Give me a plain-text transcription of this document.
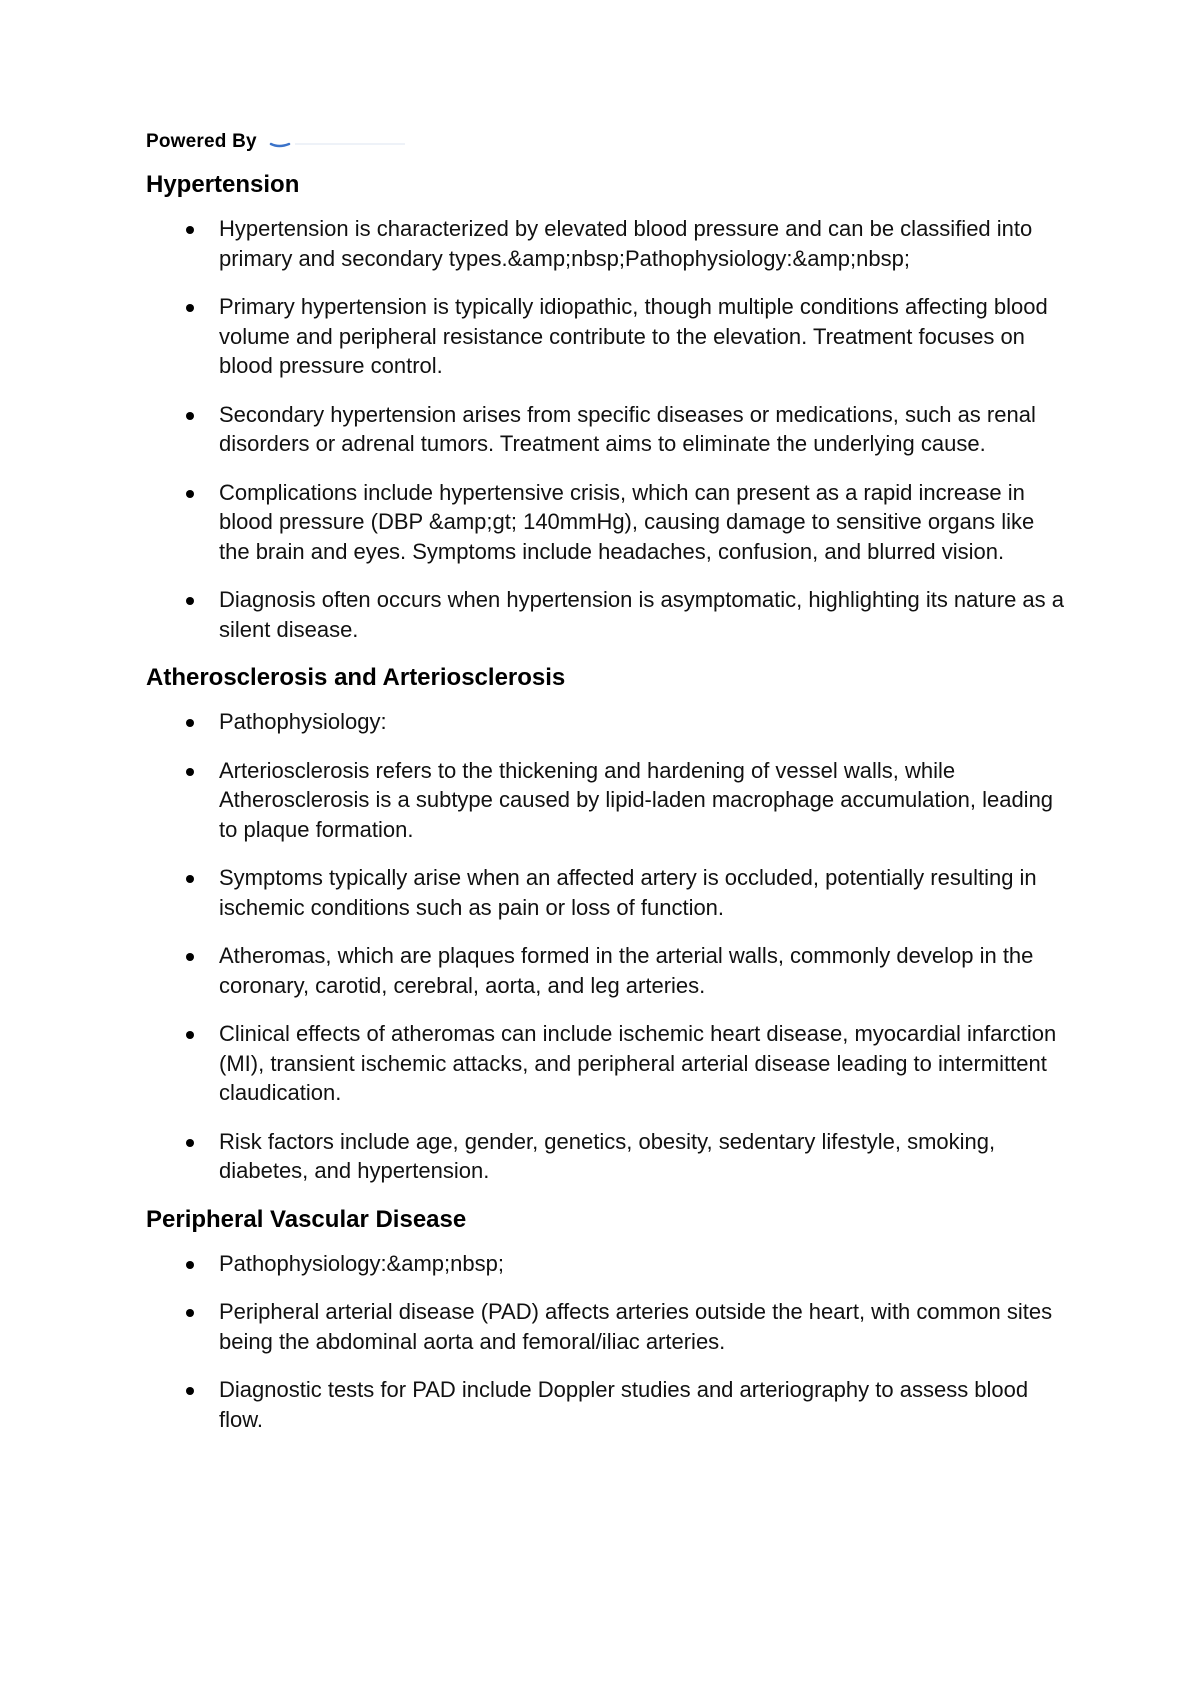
Powered By
Hypertension
Hypertension is characterized by elevated blood pressure and can be classified into primary and secondary types.&amp;nbsp;Pathophysiology:&amp;nbsp;
Primary hypertension is typically idiopathic, though multiple conditions affecting blood volume and peripheral resistance contribute to the elevation. Treatment focuses on blood pressure control.
Secondary hypertension arises from specific diseases or medications, such as renal disorders or adrenal tumors. Treatment aims to eliminate the underlying cause.
Complications include hypertensive crisis, which can present as a rapid increase in blood pressure (DBP &amp;gt; 140mmHg), causing damage to sensitive organs like the brain and eyes. Symptoms include headaches, confusion, and blurred vision.
Diagnosis often occurs when hypertension is asymptomatic, highlighting its nature as a silent disease.
Atherosclerosis and Arteriosclerosis
Pathophysiology:
Arteriosclerosis refers to the thickening and hardening of vessel walls, while Atherosclerosis is a subtype caused by lipid-laden macrophage accumulation, leading to plaque formation.
Symptoms typically arise when an affected artery is occluded, potentially resulting in ischemic conditions such as pain or loss of function.
Atheromas, which are plaques formed in the arterial walls, commonly develop in the coronary, carotid, cerebral, aorta, and leg arteries.
Clinical effects of atheromas can include ischemic heart disease, myocardial infarction (MI), transient ischemic attacks, and peripheral arterial disease leading to intermittent claudication.
Risk factors include age, gender, genetics, obesity, sedentary lifestyle, smoking, diabetes, and hypertension.
Peripheral Vascular Disease
Pathophysiology:&amp;nbsp;
Peripheral arterial disease (PAD) affects arteries outside the heart, with common sites being the abdominal aorta and femoral/iliac arteries.
Diagnostic tests for PAD include Doppler studies and arteriography to assess blood flow.
